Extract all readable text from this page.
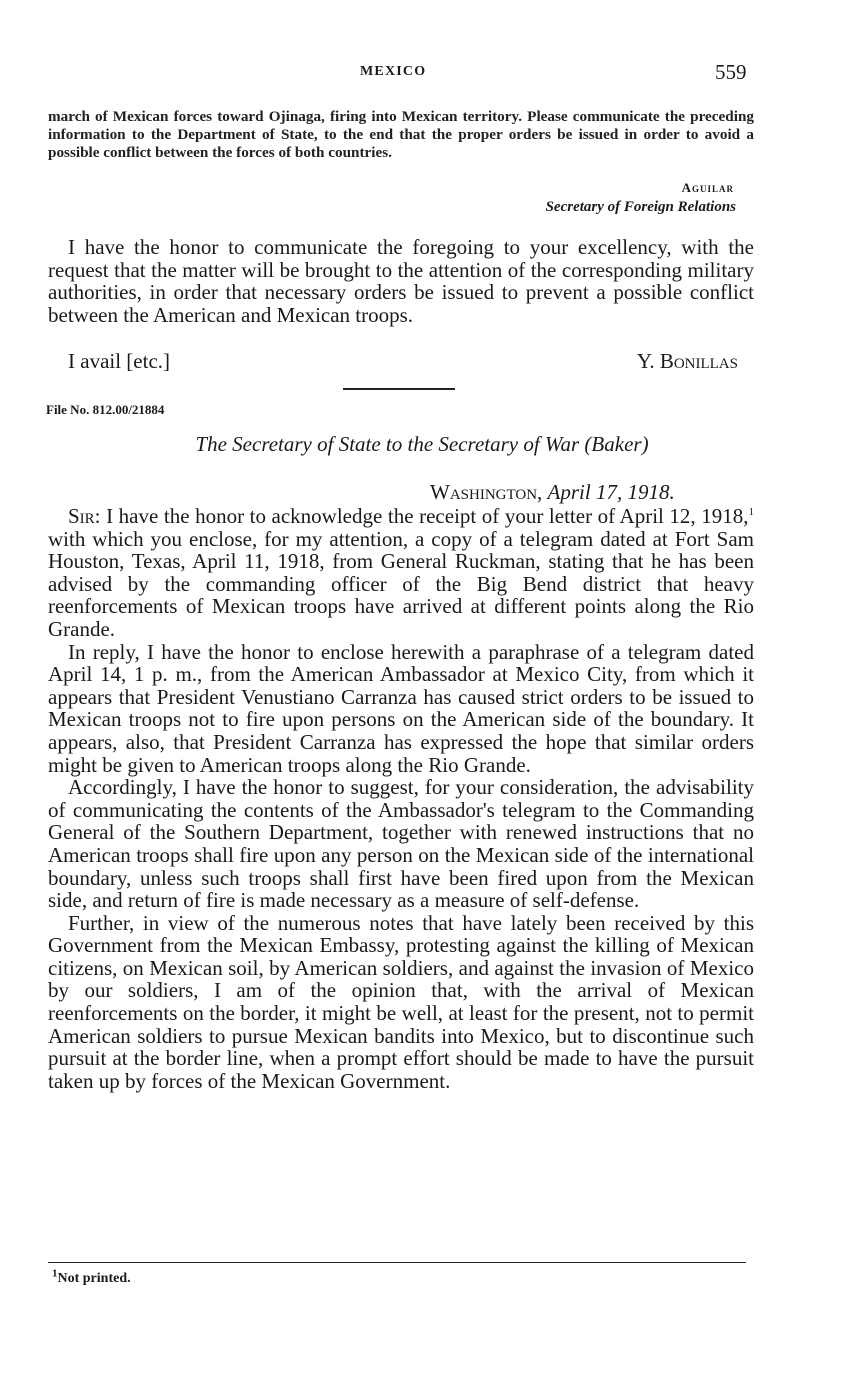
MEXICO	559

march of Mexican forces toward Ojinaga, firing into Mexican territory. Please communicate the preceding information to the Department of State, to the end that the proper orders be issued in order to avoid a possible conflict between the forces of both countries.

Aguilar
Secretary of Foreign Relations

I have the honor to communicate the foregoing to your excellency, with the request that the matter will be brought to the attention of the corresponding military authorities, in order that necessary orders be issued to prevent a possible conflict between the American and Mexican troops.

I avail [etc.]	Y. Bonillas
File No. 812.00/21884
The Secretary of State to the Secretary of War (Baker)
Washington, April 17, 1918.

Sir: I have the honor to acknowledge the receipt of your letter of April 12, 1918,$^1$ with which you enclose, for my attention, a copy of a telegram dated at Fort Sam Houston, Texas, April 11, 1918, from General Ruckman, stating that he has been advised by the commanding officer of the Big Bend district that heavy reenforcements of Mexican troops have arrived at different points along the Rio Grande.

In reply, I have the honor to enclose herewith a paraphrase of a telegram dated April 14, 1 p. m., from the American Ambassador at Mexico City, from which it appears that President Venustiano Carranza has caused strict orders to be issued to Mexican troops not to fire upon persons on the American side of the boundary. It appears, also, that President Carranza has expressed the hope that similar orders might be given to American troops along the Rio Grande.

Accordingly, I have the honor to suggest, for your consideration, the advisability of communicating the contents of the Ambassador's telegram to the Commanding General of the Southern Department, together with renewed instructions that no American troops shall fire upon any person on the Mexican side of the international boundary, unless such troops shall first have been fired upon from the Mexican side, and return of fire is made necessary as a measure of self-defense.

Further, in view of the numerous notes that have lately been received by this Government from the Mexican Embassy, protesting against the killing of Mexican citizens, on Mexican soil, by American soldiers, and against the invasion of Mexico by our soldiers, I am of the opinion that, with the arrival of Mexican reenforcements on the border, it might be well, at least for the present, not to permit American soldiers to pursue Mexican bandits into Mexico, but to discontinue such pursuit at the border line, when a prompt effort should be made to have the pursuit taken up by forces of the Mexican Government.

$^1$Not printed.
